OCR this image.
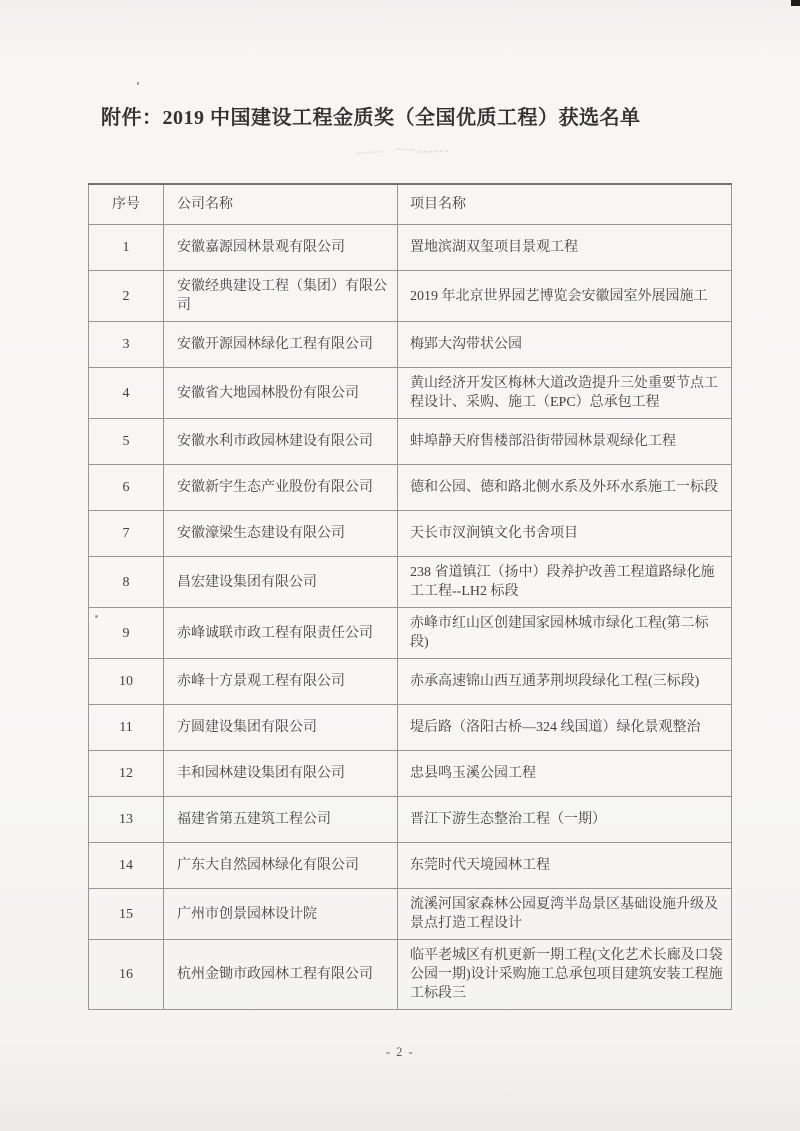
附件：2019 中国建设工程金质奖（全国优质工程）获选名单
序号	公司名称	项目名称
1	安徽嘉源园林景观有限公司	置地滨湖双玺项目景观工程
2	安徽经典建设工程（集团）有限公司	2019 年北京世界园艺博览会安徽园室外展园施工
3	安徽开源园林绿化工程有限公司	梅郢大沟带状公园
4	安徽省大地园林股份有限公司	黄山经济开发区梅林大道改造提升三处重要节点工程设计、采购、施工（EPC）总承包工程
5	安徽水利市政园林建设有限公司	蚌埠静天府售楼部沿街带园林景观绿化工程
6	安徽新宇生态产业股份有限公司	德和公园、德和路北侧水系及外环水系施工一标段
7	安徽濠梁生态建设有限公司	天长市汊涧镇文化书舍项目
8	昌宏建设集团有限公司	238 省道镇江（扬中）段养护改善工程道路绿化施工工程--LH2 标段
9	赤峰诚联市政工程有限责任公司	赤峰市红山区创建国家园林城市绿化工程(第二标段)
10	赤峰十方景观工程有限公司	赤承高速锦山西互通茅荆坝段绿化工程(三标段)
11	方圆建设集团有限公司	堤后路（洛阳古桥—324 线国道）绿化景观整治
12	丰和园林建设集团有限公司	忠县鸣玉溪公园工程
13	福建省第五建筑工程公司	晋江下游生态整治工程（一期）
14	广东大自然园林绿化有限公司	东莞时代天境园林工程
15	广州市创景园林设计院	流溪河国家森林公园夏湾半岛景区基础设施升级及景点打造工程设计
16	杭州金锄市政园林工程有限公司	临平老城区有机更新一期工程(文化艺术长廊及口袋公园一期)设计采购施工总承包项目建筑安装工程施工标段三
- 2 -
